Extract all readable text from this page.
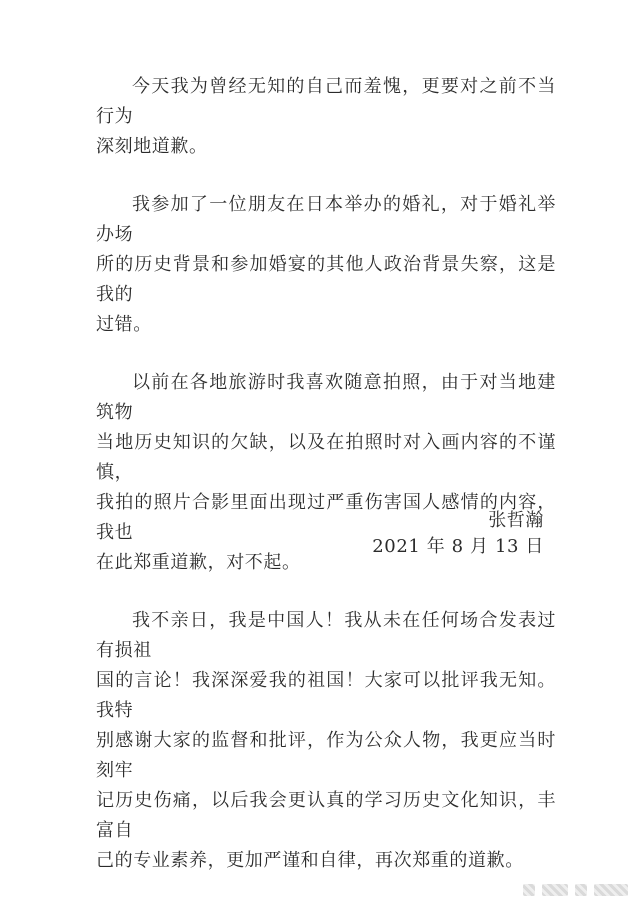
今天我为曾经无知的自己而羞愧，更要对之前不当行为
深刻地道歉。

我参加了一位朋友在日本举办的婚礼，对于婚礼举办场
所的历史背景和参加婚宴的其他人政治背景失察，这是我的
过错。

以前在各地旅游时我喜欢随意拍照，由于对当地建筑物
当地历史知识的欠缺，以及在拍照时对入画内容的不谨慎，
我拍的照片合影里面出现过严重伤害国人感情的内容，我也
在此郑重道歉，对不起。

我不亲日，我是中国人！我从未在任何场合发表过有损祖
国的言论！我深深爱我的祖国！大家可以批评我无知。我特
别感谢大家的监督和批评，作为公众人物，我更应当时刻牢
记历史伤痛，以后我会更认真的学习历史文化知识，丰富自
己的专业素养，更加严谨和自律，再次郑重的道歉。

张哲瀚
2021 年 8 月 13 日
